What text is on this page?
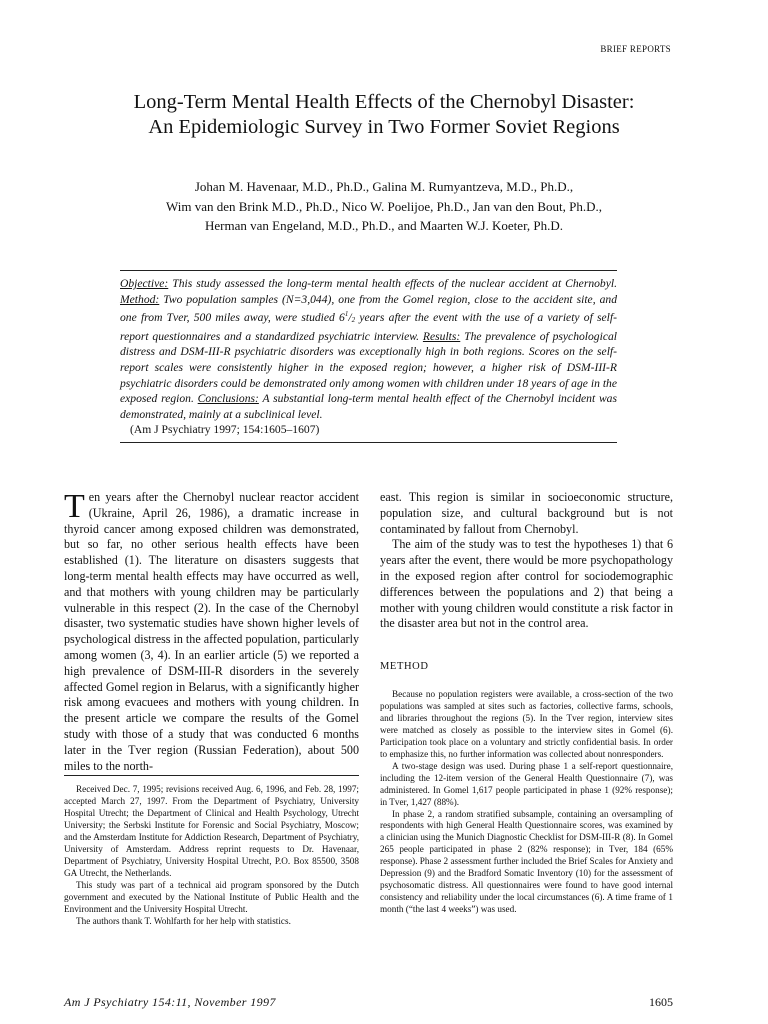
BRIEF REPORTS
Long-Term Mental Health Effects of the Chernobyl Disaster:
An Epidemiologic Survey in Two Former Soviet Regions
Johan M. Havenaar, M.D., Ph.D., Galina M. Rumyantzeva, M.D., Ph.D.,
Wim van den Brink M.D., Ph.D., Nico W. Poelijoe, Ph.D., Jan van den Bout, Ph.D.,
Herman van Engeland, M.D., Ph.D., and Maarten W.J. Koeter, Ph.D.
Objective: This study assessed the long-term mental health effects of the nuclear accident at Chernobyl. Method: Two population samples (N=3,044), one from the Gomel region, close to the accident site, and one from Tver, 500 miles away, were studied $6^1/_2$ years after the event with the use of a variety of self-report questionnaires and a standardized psychiatric interview. Results: The prevalence of psychological distress and DSM-III-R psychiatric disorders was exceptionally high in both regions. Scores on the self-report scales were consistently higher in the exposed region; however, a higher risk of DSM-III-R psychiatric disorders could be demonstrated only among women with children under 18 years of age in the exposed region. Conclusions: A substantial long-term mental health effect of the Chernobyl incident was demonstrated, mainly at a subclinical level.
(Am J Psychiatry 1997; 154:1605–1607)

Ten years after the Chernobyl nuclear reactor accident (Ukraine, April 26, 1986), a dramatic increase in thyroid cancer among exposed children was demonstrated, but so far, no other serious health effects have been established (1). The literature on disasters suggests that long-term mental health effects may have occurred as well, and that mothers with young children may be particularly vulnerable in this respect (2). In the case of the Chernobyl disaster, two systematic studies have shown higher levels of psychological distress in the affected population, particularly among women (3, 4). In an earlier article (5) we reported a high prevalence of DSM-III-R disorders in the severely affected Gomel region in Belarus, with a significantly higher risk among evacuees and mothers with young children. In the present article we compare the results of the Gomel study with those of a study that was conducted 6 months later in the Tver region (Russian Federation), about 500 miles to the north-

east. This region is similar in socioeconomic structure, population size, and cultural background but is not contaminated by fallout from Chernobyl.

The aim of the study was to test the hypotheses 1) that 6 years after the event, there would be more psychopathology in the exposed region after control for sociodemographic differences between the populations and 2) that being a mother with young children would constitute a risk factor in the disaster area but not in the control area.

METHOD

Because no population registers were available, a cross-section of the two populations was sampled at sites such as factories, collective farms, schools, and libraries throughout the regions (5). In the Tver region, interview sites were matched as closely as possible to the interview sites in Gomel (6). Participation took place on a voluntary and strictly confidential basis. In order to emphasize this, no further information was collected about nonresponders.

A two-stage design was used. During phase 1 a self-report questionnaire, including the 12-item version of the General Health Questionnaire (7), was administered. In Gomel 1,617 people participated in phase 1 (92% response); in Tver, 1,427 (88%).

In phase 2, a random stratified subsample, containing an oversampling of respondents with high General Health Questionnaire scores, was examined by a clinician using the Munich Diagnostic Checklist for DSM-III-R (8). In Gomel 265 people participated in phase 2 (82% response); in Tver, 184 (65% response). Phase 2 assessment further included the Brief Scales for Anxiety and Depression (9) and the Bradford Somatic Inventory (10) for the assessment of psychosomatic distress. All questionnaires were found to have good internal consistency and reliability under the local circumstances (6). A time frame of 1 month (“the last 4 weeks”) was used.

Received Dec. 7, 1995; revisions received Aug. 6, 1996, and Feb. 28, 1997; accepted March 27, 1997. From the Department of Psychiatry, University Hospital Utrecht; the Department of Clinical and Health Psychology, Utrecht University; the Serbski Institute for Forensic and Social Psychiatry, Moscow; and the Amsterdam Institute for Addiction Research, Department of Psychiatry, University of Amsterdam. Address reprint requests to Dr. Havenaar, Department of Psychiatry, University Hospital Utrecht, P.O. Box 85500, 3508 GA Utrecht, the Netherlands.

This study was part of a technical aid program sponsored by the Dutch government and executed by the National Institute of Public Health and the Environment and the University Hospital Utrecht.

The authors thank T. Wohlfarth for her help with statistics.

Am J Psychiatry 154:11, November 1997	1605
